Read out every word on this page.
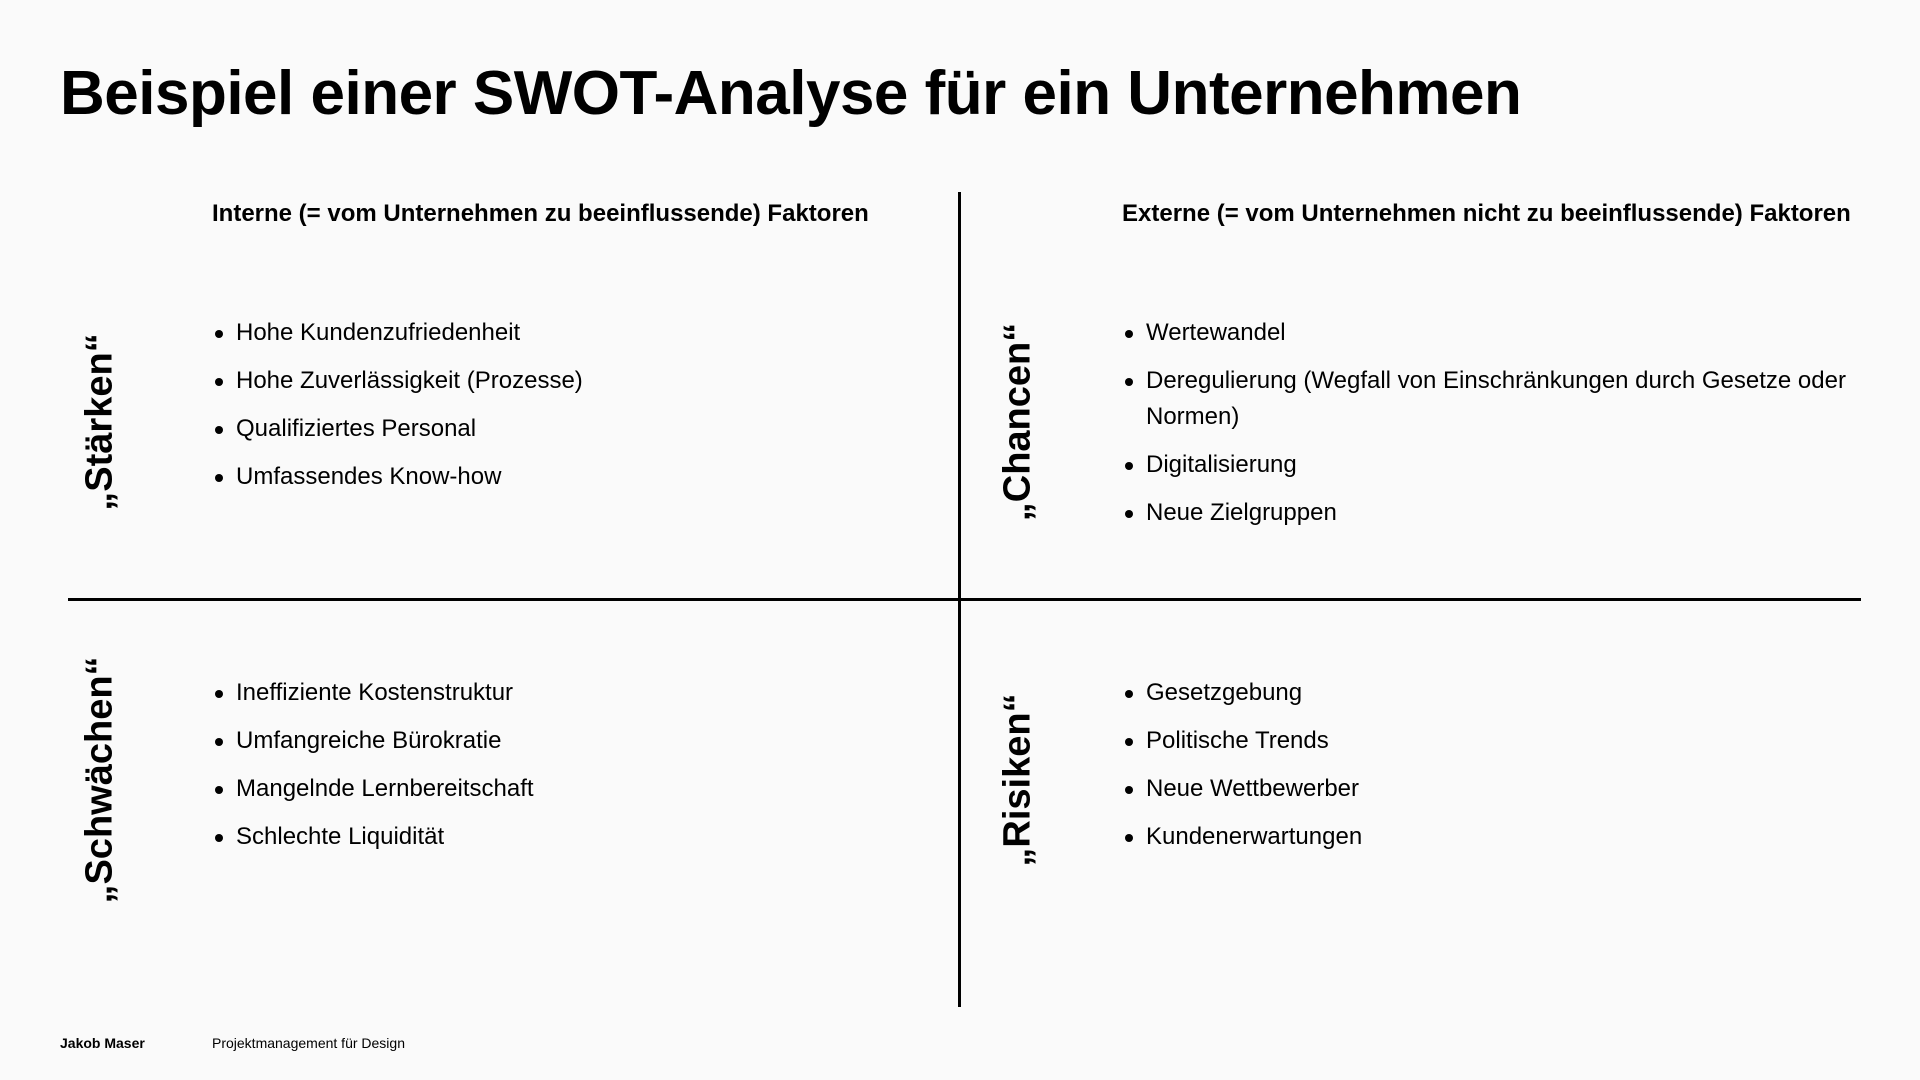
Beispiel einer SWOT-Analyse für ein Unternehmen
Interne (= vom Unternehmen zu beeinflussende) Faktoren	Externe (= vom Unternehmen nicht zu beeinflussende) Faktoren
„Stärken“
„Schwächen“
„Chancen“
„Risiken“
Hohe Kundenzufriedenheit
Hohe Zuverlässigkeit (Prozesse)
Qualifiziertes Personal
Umfassendes Know-how
Wertewandel
Deregulierung (Wegfall von Einschränkungen durch Gesetze oder Normen)
Digitalisierung
Neue Zielgruppen
Ineffiziente Kostenstruktur
Umfangreiche Bürokratie
Mangelnde Lernbereitschaft
Schlechte Liquidität
Gesetzgebung
Politische Trends
Neue Wettbewerber
Kundenerwartungen
Jakob Maser	Projektmanagement für Design
